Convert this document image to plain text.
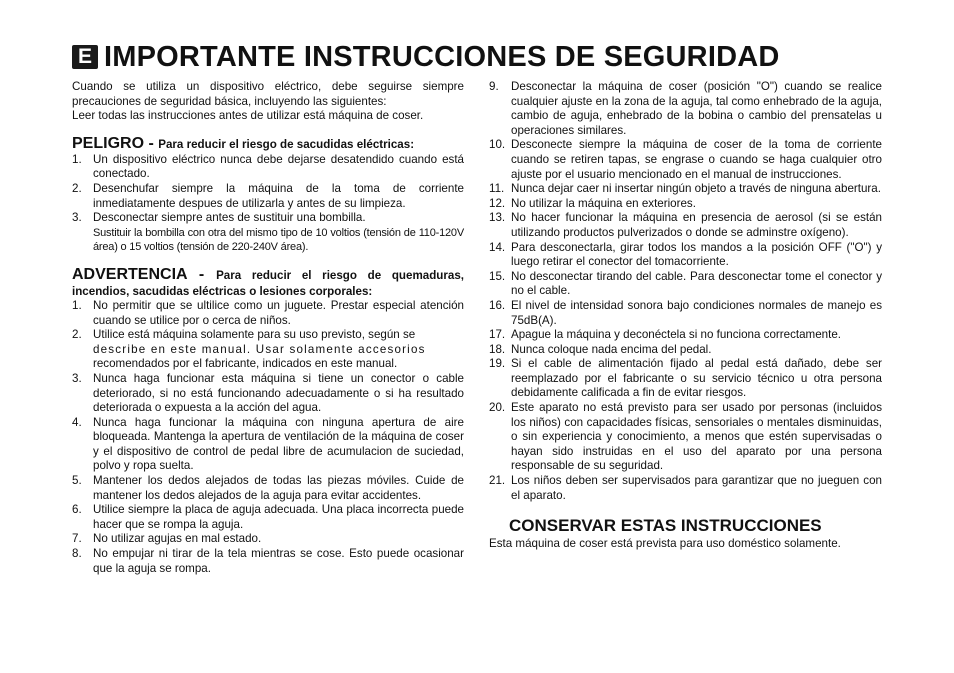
E IMPORTANTE INSTRUCCIONES DE SEGURIDAD

Cuando se utiliza un dispositivo eléctrico, debe seguirse siempre precauciones de seguridad básica, incluyendo las siguientes:

Leer todas las instrucciones antes de utilizar está máquina de coser.

PELIGRO - Para reducir el riesgo de sacudidas eléctricas:
1. Un dispositivo eléctrico nunca debe dejarse desatendido cuando está conectado.
2. Desenchufar siempre la máquina de la toma de corriente inmediatamente despues de utilizarla y antes de su limpieza.
3. Desconectar siempre antes de sustituir una bombilla.
Sustituir la bombilla con otra del mismo tipo de 10 voltios (tensión de 110-120V área) o 15 voltios (tensión de 220-240V área).
ADVERTENCIA - Para reducir el riesgo de quemaduras, incendios, sacudidas eléctricas o lesiones corporales:
1. No permitir que se ultilice como un juguete. Prestar especial atención cuando se utilice por o cerca de niños.
2. Utilice está máquina solamente para su uso previsto, según se
describe en este manual. Usar solamente accesorios
recomendados por el fabricante, indicados en este manual.
3. Nunca haga funcionar esta máquina si tiene un conector o cable deteriorado, si no está funcionando adecuadamente o si ha resultado deteriorada o expuesta a la acción del agua.
4. Nunca haga funcionar la máquina con ninguna apertura de aire bloqueada. Mantenga la apertura de ventilación de la máquina de coser y el dispositivo de control de pedal libre de acumulacion de suciedad, polvo y ropa suelta.
5. Mantener los dedos alejados de todas las piezas móviles. Cuide de mantener los dedos alejados de la aguja para evitar accidentes.
6. Utilice siempre la placa de aguja adecuada. Una placa incorrecta puede hacer que se rompa la aguja.
7. No utilizar agujas en mal estado.
8. No empujar ni tirar de la tela mientras se cose. Esto puede ocasionar que la aguja se rompa.
9.	Desconectar la máquina de coser (posición "O") cuando se realice cualquier ajuste en la zona de la aguja, tal como enhebrado de la aguja, cambio de aguja, enhebrado de la bobina o cambio del prensatelas u operaciones similares.
10. Desconecte siempre la máquina de coser de la toma de corriente cuando se retiren tapas, se engrase o cuando se haga cualquier otro ajuste por el usuario mencionado en el manual de instrucciones.
11. Nunca dejar caer ni insertar ningún objeto a través de ninguna abertura.
12. No utilizar la máquina en exteriores.
13. No hacer funcionar la máquina en presencia de aerosol (si se están utilizando productos pulverizados o donde se adminstre oxígeno).
14. Para desconectarla, girar todos los mandos a la posición OFF ("O") y luego retirar el conector del tomacorriente.
15. No desconectar tirando del cable. Para desconectar tome el conector y no el cable.
16. El nivel de intensidad sonora bajo condiciones normales de manejo es 75dB(A).
17. Apague la máquina y deconéctela si no funciona correctamente.
18. Nunca coloque nada encima del pedal.
19. Si el cable de alimentación fijado al pedal está dañado, debe ser reemplazado por el fabricante o su servicio técnico u otra persona debidamente calificada a fin de evitar riesgos.
20. Este aparato no está previsto para ser usado por personas (incluidos los niños) con capacidades físicas, sensoriales o mentales disminuidas, o sin experiencia y conocimiento, a menos que estén supervisadas o hayan sido instruidas en el uso del aparato por una persona responsable de su seguridad.
21. Los niños deben ser supervisados para garantizar que no jueguen con el aparato.
CONSERVAR ESTAS INSTRUCCIONES
Esta máquina de coser está prevista para uso doméstico solamente.
